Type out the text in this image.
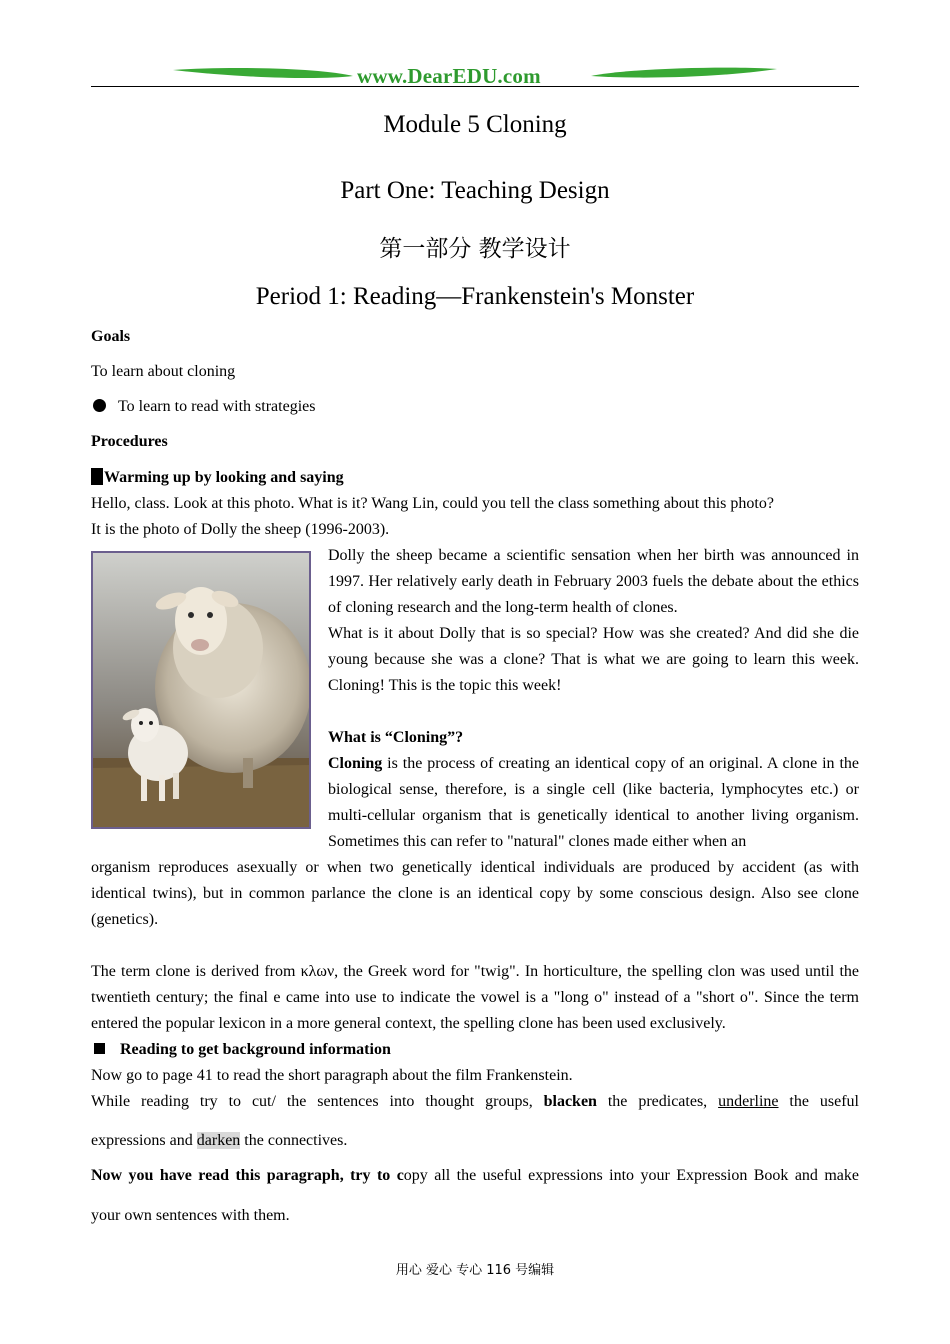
www.DearEDU.com
Module 5 Cloning
Part One: Teaching Design
第一部分 教学设计
Period 1: Reading—Frankenstein's Monster
Goals
To learn about cloning
To learn to read with strategies
Procedures
Warming up by looking and saying
Hello, class. Look at this photo. What is it? Wang Lin, could you tell the class something about this photo?
It is the photo of Dolly the sheep (1996-2003).

Dolly the sheep became a scientific sensation when her birth was announced in 1997. Her relatively early death in February 2003 fuels the debate about the ethics of cloning research and the long-term health of clones.

What is it about Dolly that is so special? How was she created? And did she die young because she was a clone? That is what we are going to learn this week. Cloning! This is the topic this week!

What is “Cloning”?

Cloning is the process of creating an identical copy of an original. A clone in the biological sense, therefore, is a single cell (like bacteria, lymphocytes etc.) or multi-cellular organism that is genetically identical to another living organism. Sometimes this can refer to "natural" clones made either when an

organism reproduces asexually or when two genetically identical individuals are produced by accident (as with identical twins), but in common parlance the clone is an identical copy by some conscious design. Also see clone (genetics).

The term clone is derived from κλων, the Greek word for "twig". In horticulture, the spelling clon was used until the twentieth century; the final e came into use to indicate the vowel is a "long o" instead of a "short o". Since the term entered the popular lexicon in a more general context, the spelling clone has been used exclusively.

Reading to get background information
Now go to page 41 to read the short paragraph about the film Frankenstein.
While reading try to cut/ the sentences into thought groups, blacken the predicates, underline the useful
expressions and darken the connectives.
Now you have read this paragraph, try to copy all the useful expressions into your Expression Book and make
your own sentences with them.
用心 爱心 专心 116 号编辑
